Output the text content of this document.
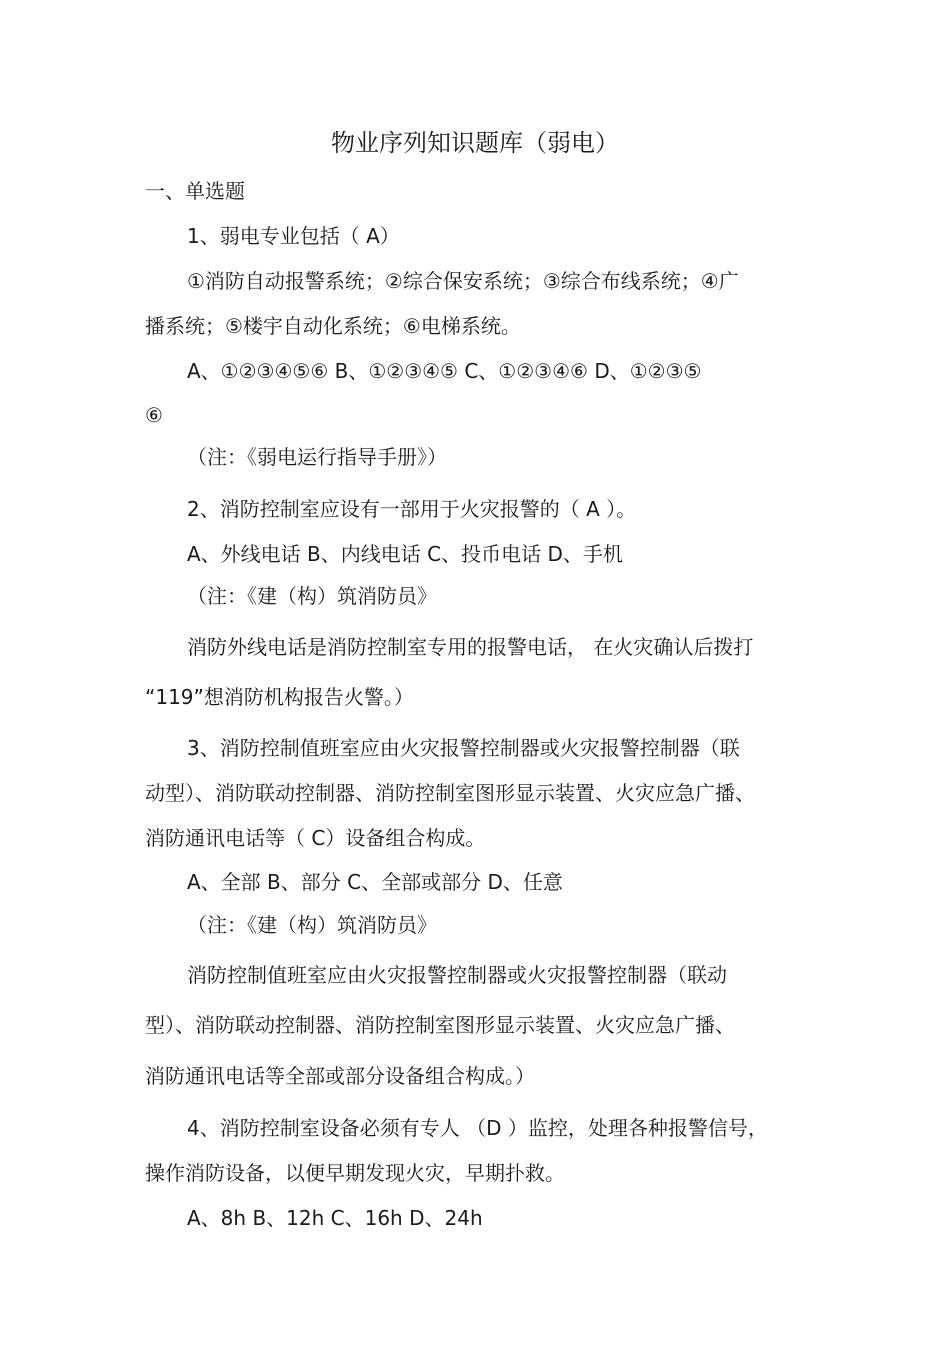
物业序列知识题库（弱电）
一、单选题
1、弱电专业包括（ A）
①消防自动报警系统；②综合保安系统；③综合布线系统；④广
播系统；⑤楼宇自动化系统；⑥电梯系统。
A、①②③④⑤⑥ B、①②③④⑤ C、①②③④⑥ D、①②③⑤
⑥
（注：《弱电运行指导手册》）
2、消防控制室应设有一部用于火灾报警的（ A ）。
A、外线电话 B、内线电话 C、投币电话 D、手机
（注：《建（构）筑消防员》
消防外线电话是消防控制室专用的报警电话， 在火灾确认后拨打
“119”想消防机构报告火警。）
3、消防控制值班室应由火灾报警控制器或火灾报警控制器（联
动型）、消防联动控制器、消防控制室图形显示装置、火灾应急广播、
消防通讯电话等（ C）设备组合构成。
A、全部 B、部分 C、全部或部分 D、任意
（注：《建（构）筑消防员》
消防控制值班室应由火灾报警控制器或火灾报警控制器（联动
型）、消防联动控制器、消防控制室图形显示装置、火灾应急广播、
消防通讯电话等全部或部分设备组合构成。）
4、消防控制室设备必须有专人 （D ）监控，处理各种报警信号，
操作消防设备，以便早期发现火灾，早期扑救。
A、8h B、12h C、16h D、24h
